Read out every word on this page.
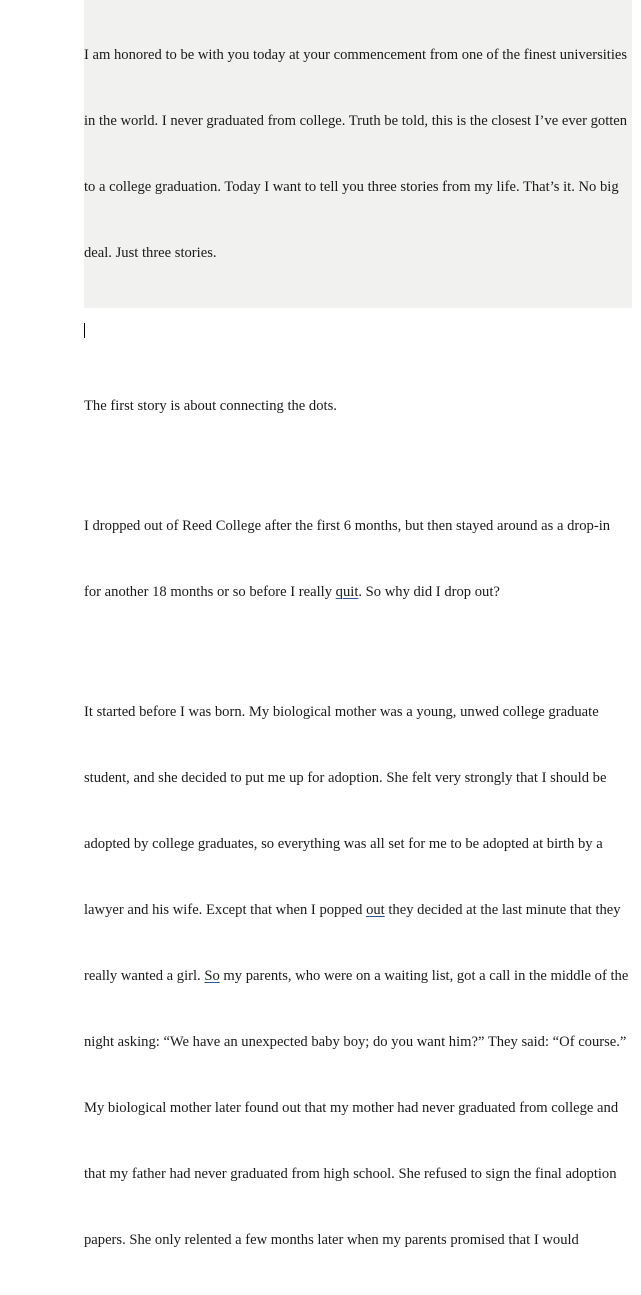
I am honored to be with you today at your commencement from one of the finest universities

in the world. I never graduated from college. Truth be told, this is the closest I’ve ever gotten

to a college graduation. Today I want to tell you three stories from my life. That’s it. No big

deal. Just three stories.

The first story is about connecting the dots.

I dropped out of Reed College after the first 6 months, but then stayed around as a drop-in

for another 18 months or so before I really quit. So why did I drop out?

It started before I was born. My biological mother was a young, unwed college graduate

student, and she decided to put me up for adoption. She felt very strongly that I should be

adopted by college graduates, so everything was all set for me to be adopted at birth by a

lawyer and his wife. Except that when I popped out they decided at the last minute that they

really wanted a girl. So my parents, who were on a waiting list, got a call in the middle of the

night asking: “We have an unexpected baby boy; do you want him?” They said: “Of course.”

My biological mother later found out that my mother had never graduated from college and

that my father had never graduated from high school. She refused to sign the final adoption

papers. She only relented a few months later when my parents promised that I would
